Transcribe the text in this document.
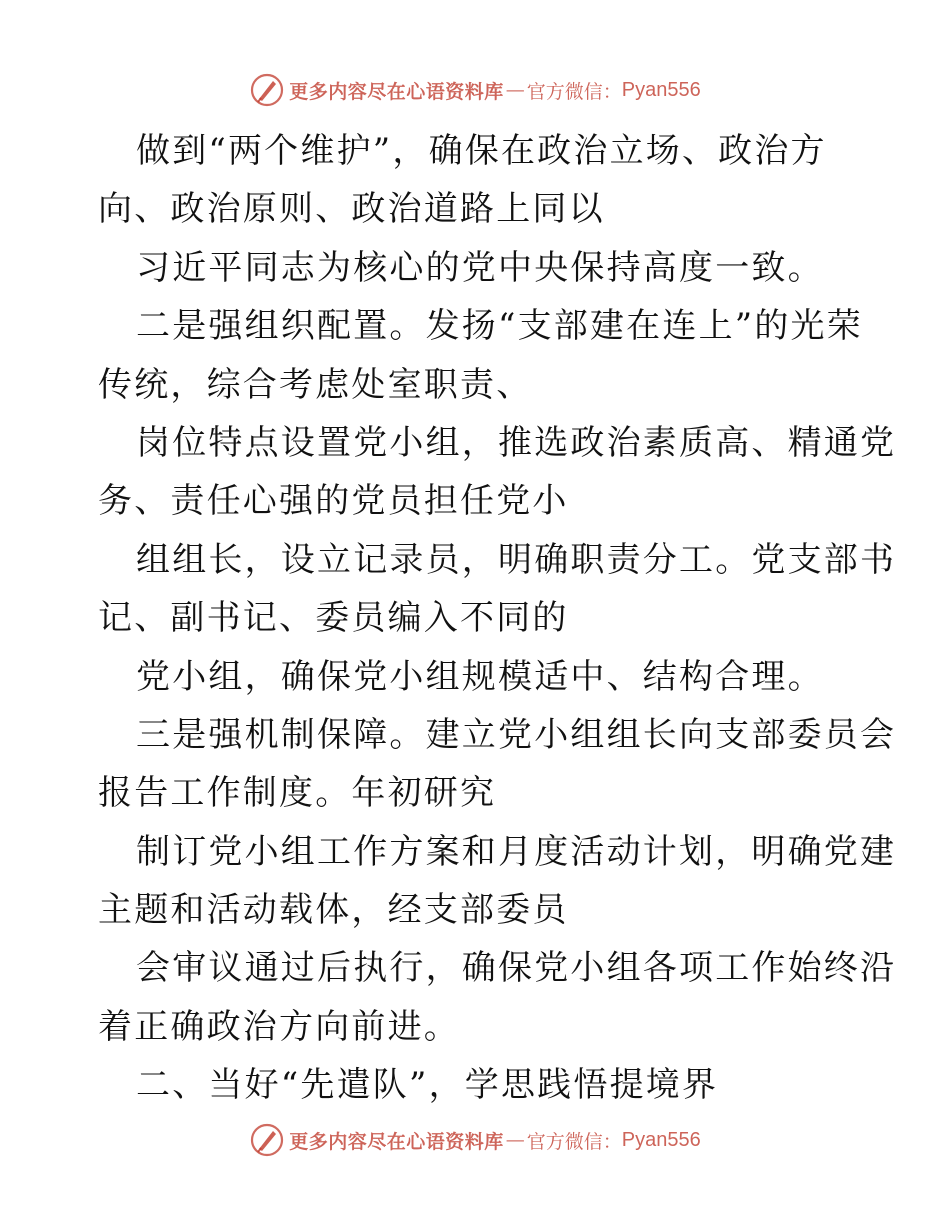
更多内容尽在心语资料库 — 官方微信： Pyan556
做到“两个维护”，确保在政治立场、政治方
向、政治原则、政治道路上同以
习近平同志为核心的党中央保持高度一致。
二是强组织配置。发扬“支部建在连上”的光荣
传统，综合考虑处室职责、
岗位特点设置党小组，推选政治素质高、精通党
务、责任心强的党员担任党小
组组长，设立记录员，明确职责分工。党支部书
记、副书记、委员编入不同的
党小组，确保党小组规模适中、结构合理。
三是强机制保障。建立党小组组长向支部委员会
报告工作制度。年初研究
制订党小组工作方案和月度活动计划，明确党建
主题和活动载体，经支部委员
会审议通过后执行，确保党小组各项工作始终沿
着正确政治方向前进。
二、当好“先遣队”，学思践悟提境界
更多内容尽在心语资料库 — 官方微信： Pyan556
